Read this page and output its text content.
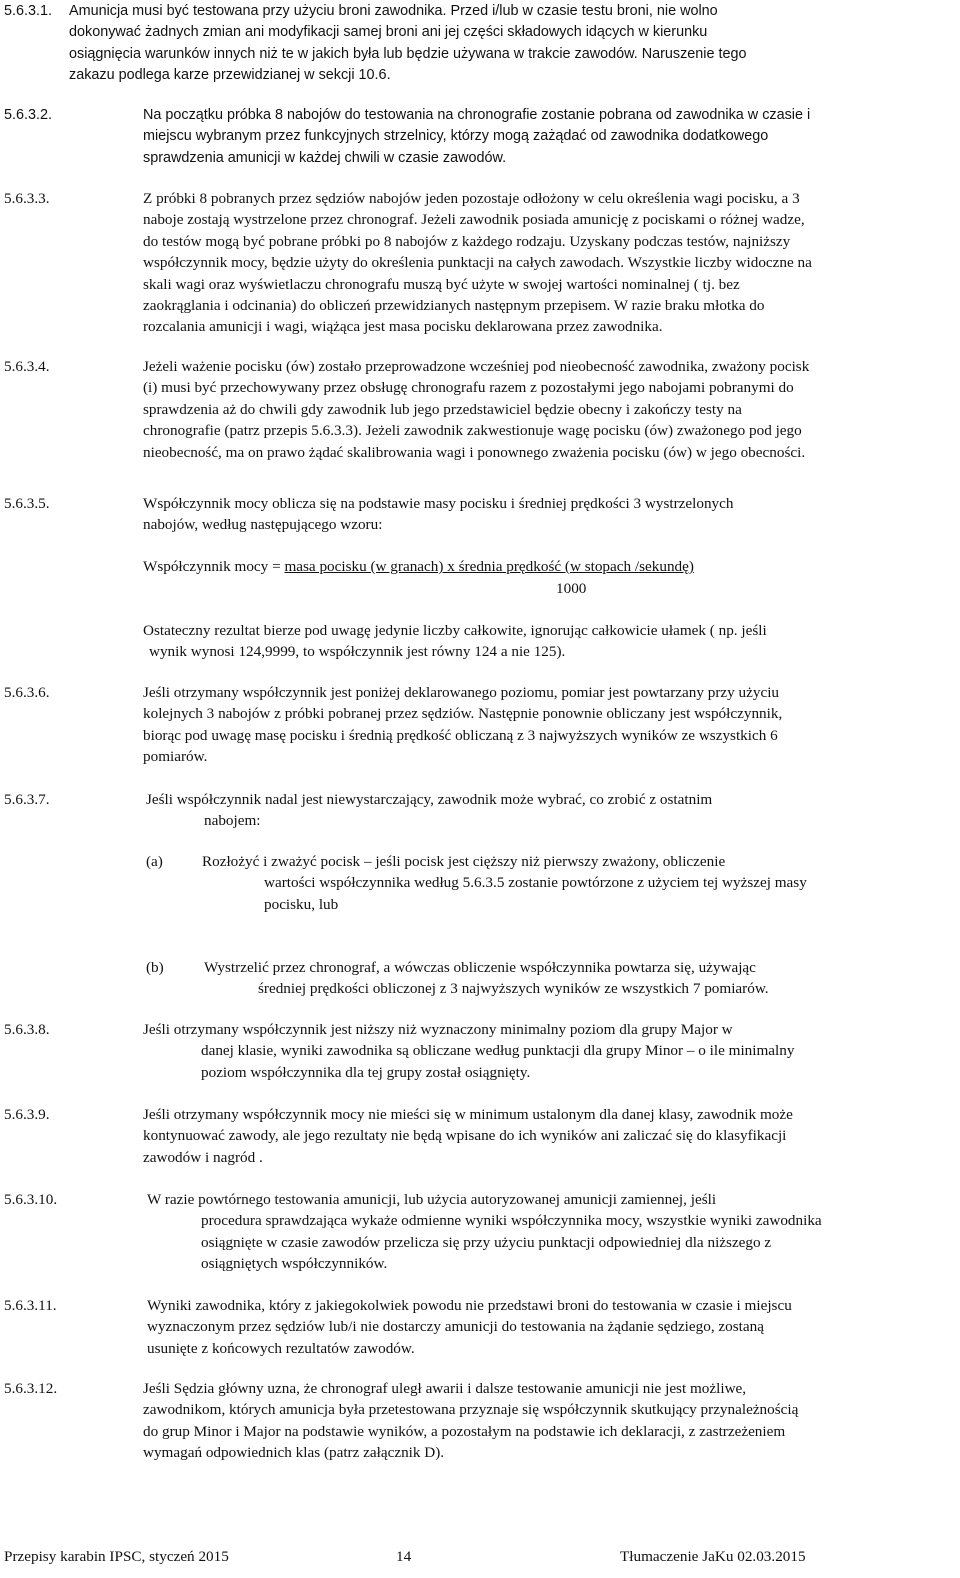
5.6.3.1. Amunicja musi być testowana przy użyciu broni zawodnika. Przed i/lub w czasie testu broni, nie wolno
dokonywać żadnych zmian ani modyfikacji samej broni ani jej części składowych idących w kierunku
osiągnięcia warunków innych niż te w jakich była lub będzie używana w trakcie zawodów. Naruszenie tego
zakazu podlega karze przewidzianej w sekcji 10.6.
5.6.3.2.	Na początku próbka 8 nabojów do testowania na chronografie zostanie pobrana od zawodnika w czasie i
miejscu wybranym przez funkcyjnych strzelnicy, którzy mogą zażądać od zawodnika dodatkowego
sprawdzenia amunicji w każdej chwili w czasie zawodów.
5.6.3.3.	Z próbki 8 pobranych przez sędziów nabojów jeden pozostaje odłożony w celu określenia wagi pocisku, a 3
naboje zostają wystrzelone przez chronograf. Jeżeli zawodnik posiada amunicję z pociskami o różnej wadze,
do testów mogą być pobrane próbki po 8 nabojów z każdego rodzaju. Uzyskany podczas testów, najniższy
współczynnik mocy, będzie użyty do określenia punktacji na całych zawodach. Wszystkie liczby widoczne na
skali wagi oraz wyświetlaczu chronografu muszą być użyte w swojej wartości nominalnej ( tj. bez
zaokrąglania i odcinania) do obliczeń przewidzianych następnym przepisem. W razie braku młotka do
rozcalania amunicji i wagi, wiążąca jest masa pocisku deklarowana przez zawodnika.
5.6.3.4.	Jeżeli ważenie pocisku (ów) zostało przeprowadzone wcześniej pod nieobecność zawodnika, zważony pocisk
(i) musi być przechowywany przez obsługę chronografu razem z pozostałymi jego nabojami pobranymi do
sprawdzenia aż do chwili gdy zawodnik lub jego przedstawiciel będzie obecny i zakończy testy na
chronografie (patrz przepis 5.6.3.3). Jeżeli zawodnik zakwestionuje wagę pocisku (ów) zważonego pod jego
nieobecność, ma on prawo żądać skalibrowania wagi i ponownego zważenia pocisku (ów) w jego obecności.
5.6.3.5.	Współczynnik mocy oblicza się na podstawie masy pocisku i średniej prędkości 3 wystrzelonych
nabojów, według następującego wzoru:
Współczynnik mocy = masa pocisku (w granach) x średnia prędkość (w stopach /sekundę)
1000
Ostateczny rezultat bierze pod uwagę jedynie liczby całkowite, ignorując całkowicie ułamek ( np. jeśli
wynik wynosi 124,9999, to współczynnik jest równy 124 a nie 125).
5.6.3.6.	Jeśli otrzymany współczynnik jest poniżej deklarowanego poziomu, pomiar jest powtarzany przy użyciu
kolejnych 3 nabojów z próbki pobranej przez sędziów. Następnie ponownie obliczany jest współczynnik,
biorąc pod uwagę masę pocisku i średnią prędkość obliczaną z 3 najwyższych wyników ze wszystkich 6
pomiarów.
5.6.3.7.	Jeśli współczynnik nadal jest niewystarczający, zawodnik może wybrać, co zrobić z ostatnim
nabojem:
(a)	Rozłożyć i zważyć pocisk – jeśli pocisk jest cięższy niż pierwszy zważony, obliczenie
wartości współczynnika według 5.6.3.5 zostanie powtórzone z użyciem tej wyższej masy
pocisku, lub
(b)	Wystrzelić przez chronograf, a wówczas obliczenie współczynnika powtarza się, używając
średniej prędkości obliczonej z 3 najwyższych wyników ze wszystkich 7 pomiarów.
5.6.3.8.	Jeśli otrzymany współczynnik jest niższy niż wyznaczony minimalny poziom dla grupy Major w
danej klasie, wyniki zawodnika są obliczane według punktacji dla grupy Minor – o ile minimalny
poziom współczynnika dla tej grupy został osiągnięty.
5.6.3.9.	Jeśli otrzymany współczynnik mocy nie mieści się w minimum ustalonym dla danej klasy, zawodnik może
kontynuować zawody, ale jego rezultaty nie będą wpisane do ich wyników ani zaliczać się do klasyfikacji
zawodów i nagród .
5.6.3.10.	W razie powtórnego testowania amunicji, lub użycia autoryzowanej amunicji zamiennej, jeśli
procedura sprawdzająca wykaże odmienne wyniki współczynnika mocy, wszystkie wyniki zawodnika
osiągnięte w czasie zawodów przelicza się przy użyciu punktacji odpowiedniej dla niższego z
osiągniętych współczynników.
5.6.3.11.	Wyniki zawodnika, który z jakiegokolwiek powodu nie przedstawi broni do testowania w czasie i miejscu
wyznaczonym przez sędziów lub/i nie dostarczy amunicji do testowania na żądanie sędziego, zostaną
usunięte z końcowych rezultatów zawodów.
5.6.3.12.	Jeśli Sędzia główny uzna, że chronograf uległ awarii i dalsze testowanie amunicji nie jest możliwe,
zawodnikom, których amunicja była przetestowana przyznaje się współczynnik skutkujący przynależnością
do grup Minor i Major na podstawie wyników, a pozostałym na podstawie ich deklaracji, z zastrzeżeniem
wymagań odpowiednich klas (patrz załącznik D).
Przepisy karabin IPSC, styczeń 2015	14	Tłumaczenie JaKu 02.03.2015
